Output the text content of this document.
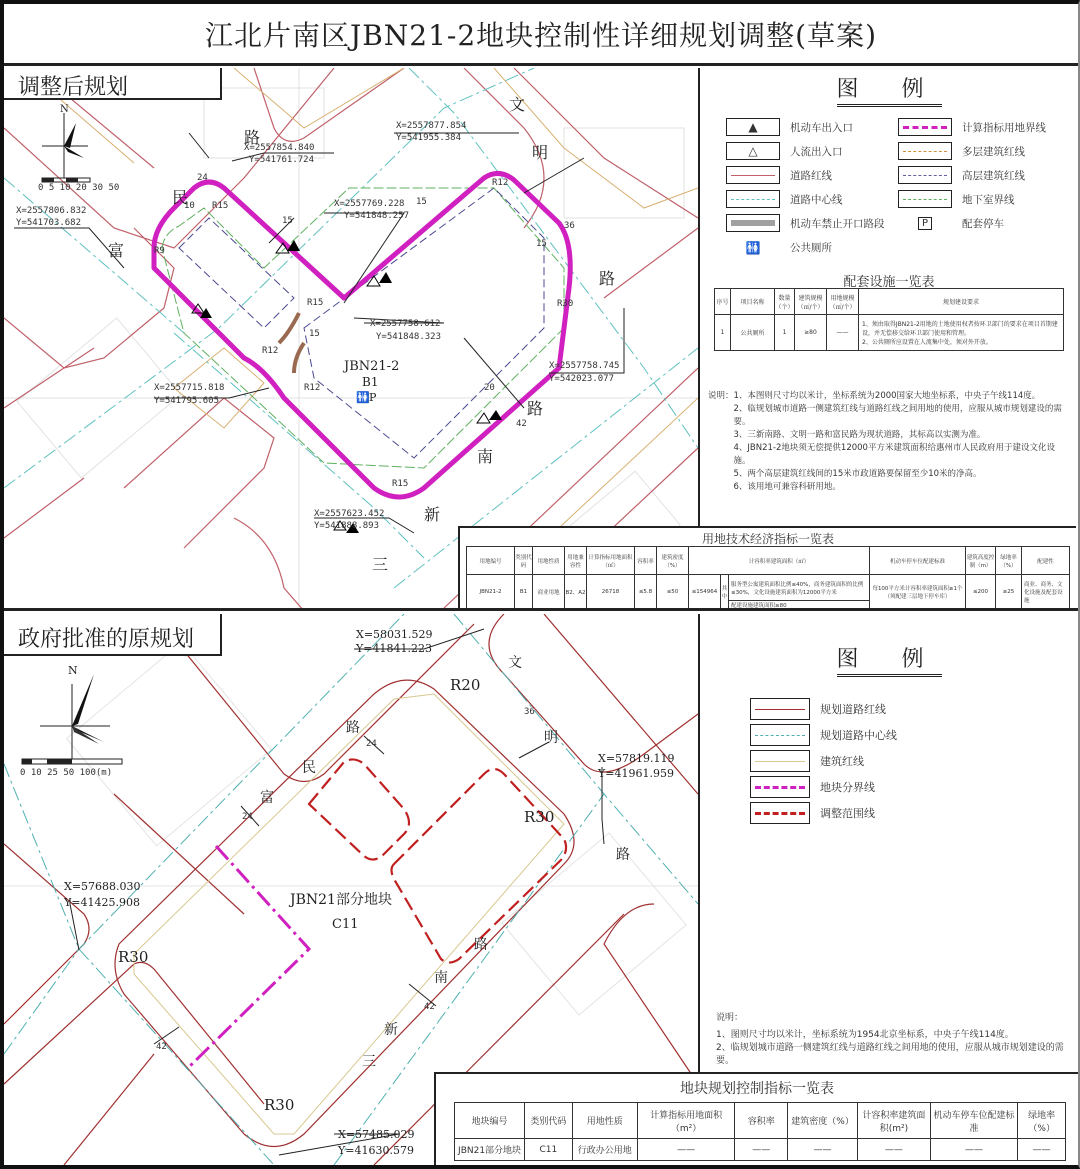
江北片南区JBN21-2地块控制性详细规划调整(草案)
N
0 5 10 20 30 50
富
民
路
文
明
路
新
南
路
三
JBN21-2
B1
🚻 P
R15
R9
R12
R15
R12
R12
R30
R15
24
36
15
20
42
15
15
10
15
X=2557854.840
Y=541761.724
X=2557877.854
Y=541955.384
X=2557806.832
Y=541703.682
X=2557769.228
Y=541848.257
X=2557758.612
Y=541848.323
X=2557715.818
Y=541795.605
X=2557758.745
Y=542023.077
X=2557623.452
Y=541888.893
调整后规划	图 例
▲	机动车出入口
△	人流出入口
道路红线
道路中心线
机动车禁止开口路段
🚻	公共厕所
计算指标用地界线
多层建筑红线
高层建筑红线
地下室界线
P	配套停车
配套设施一览表
序号	项目名称	数量（个）	建筑规模（㎡/个）	用地规模（㎡/个）	规划建设要求
1	公共厕所	1	≥80	——	1、须由取得JBN21-2用地的土地使用权者按环卫部门的要求在项目首期建设，并无偿移交给环卫部门使用和管理。
2、公共厕所应设置在人流集中处，须对外开放。
说明： 1、本图则尺寸均以米计，坐标系统为2000国家大地坐标系，中央子午线114度。

2、临规划城市道路一侧建筑红线与道路红线之间用地的使用，应服从城市规划建设的需要。

3、三新南路、文明一路和富民路为现状道路，其标高以实测为准。

4、JBN21-2地块须无偿提供12000平方米建筑面积给惠州市人民政府用于建设文化设施。

5、两个高层建筑红线间的15米市政道路要保留至少10米的净高。

6、该用地可兼容科研用地。

用地技术经济指标一览表
用地编号	类别代码	用地性质	用地兼容性	计算指标用地面积（㎡）	容积率	建筑密度（%）	计容积率建筑面积（㎡）			机动车停车位配建标准	建筑高度控制（m）	绿地率（%）	配建性
JBN21-2	B1	商业用地	B2、A2	26718	≤5.8	≤50	≤154964	其中	服务型公寓建筑面积比例≤40%，商务建筑面积的比例≤30%，文化设施建筑面积为12000平方米	每100平方米计容积率建筑面积≥1个（须配建三层地下停车库）	≤200	≥25	商业、商务、文化设施及配套设施
									配建设施建筑面积≥80				
N
0 10 25 50 100(m)
路
民
富
文
明
路
路
南
新
三
JBN21部分地块
C11
R20
R30
R30
R30
24
36
24
42
42
X=58031.529
Y=41841.223
X=57819.119
Y=41961.959
X=57688.030
Y=41425.908
X=57485.029
Y=41630.579
政府批准的原规划
图 例
规划道路红线
规划道路中心线
建筑红线
地块分界线
调整范围线

说明：

1、图则尺寸均以米计，坐标系统为1954北京坐标系，中央子午线114度。

2、临规划城市道路一侧建筑红线与道路红线之间用地的使用，应服从城市规划建设的需要。

地块规划控制指标一览表
地块编号	类别代码	用地性质	计算指标用地面积（m²）	容积率	建筑密度（%）	计容积率建筑面积(m²)	机动车停车位配建标准	绿地率（%）
JBN21部分地块	C11	行政办公用地	——	——	——	——	——	——
